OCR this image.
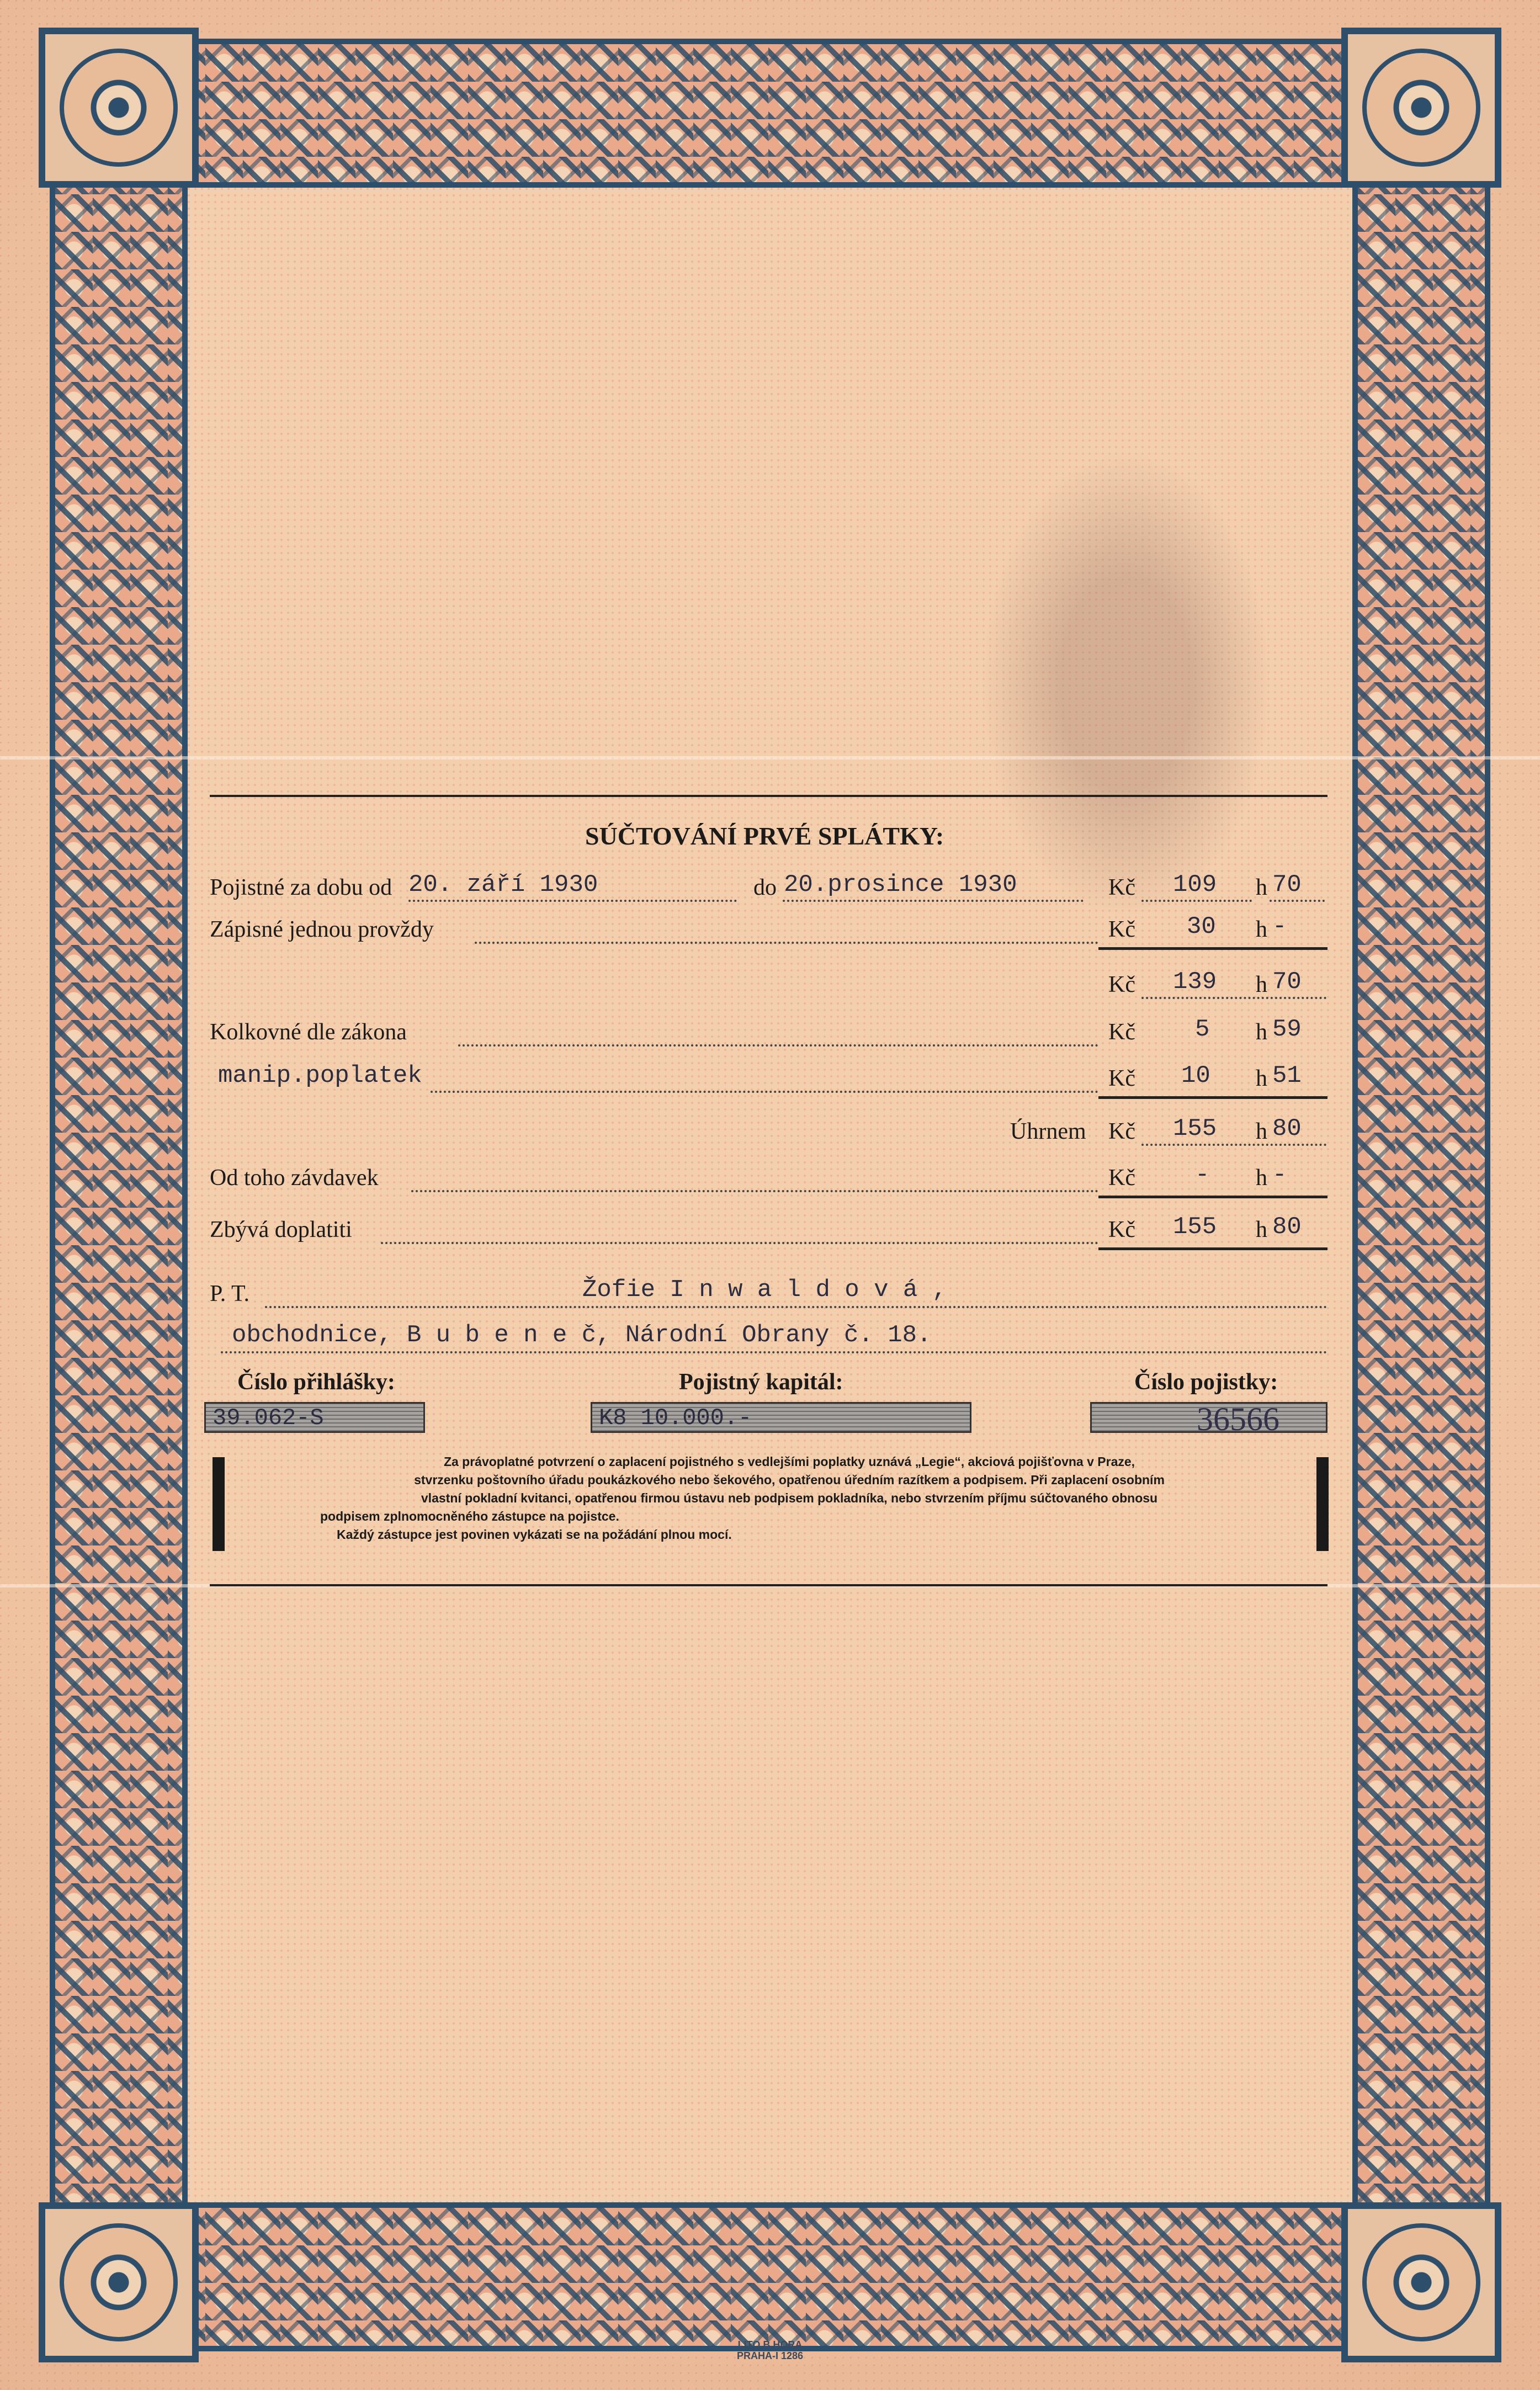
SÚČTOVÁNÍ PRVÉ SPLÁTKY:
Pojistné za dobu od 20. září 1930	do 20.prosince 1930	Kč 109 h 70
Zápisné jednou provždy	Kč 30 h -
Kč 139 h 70
Kolkovné dle zákona	Kč 5 h 59
manip.poplatek	Kč 10 h 51
Úhrnem Kč 155 h 80
Od toho závdavek	Kč - h -
Zbývá doplatiti	Kč 155 h 80
P. T.	Žofie I n w a l d o v á ,
obchodnice, B u b e n e č, Národní Obrany č. 18.
Číslo přihlášky:	Pojistný kapitál:	Číslo pojistky:
39.062-S	K8 10.000.-	36566
Za právoplatné potvrzení o zaplacení pojistného s vedlejšími poplatky uznává „Legie“, akciová pojišťovna v Praze,
stvrzenku poštovního úřadu poukázkového nebo šekového, opatřenou úředním razítkem a podpisem. Při zaplacení osobním
vlastní pokladní kvitanci, opatřenou firmou ústavu neb podpisem pokladníka, nebo stvrzením příjmu súčtovaného obnosu
podpisem zplnomocněného zástupce na pojistce.
Každý zástupce jest povinen vykázati se na požádání plnou mocí.
LITO B.HORA
PRAHA-I 1286
